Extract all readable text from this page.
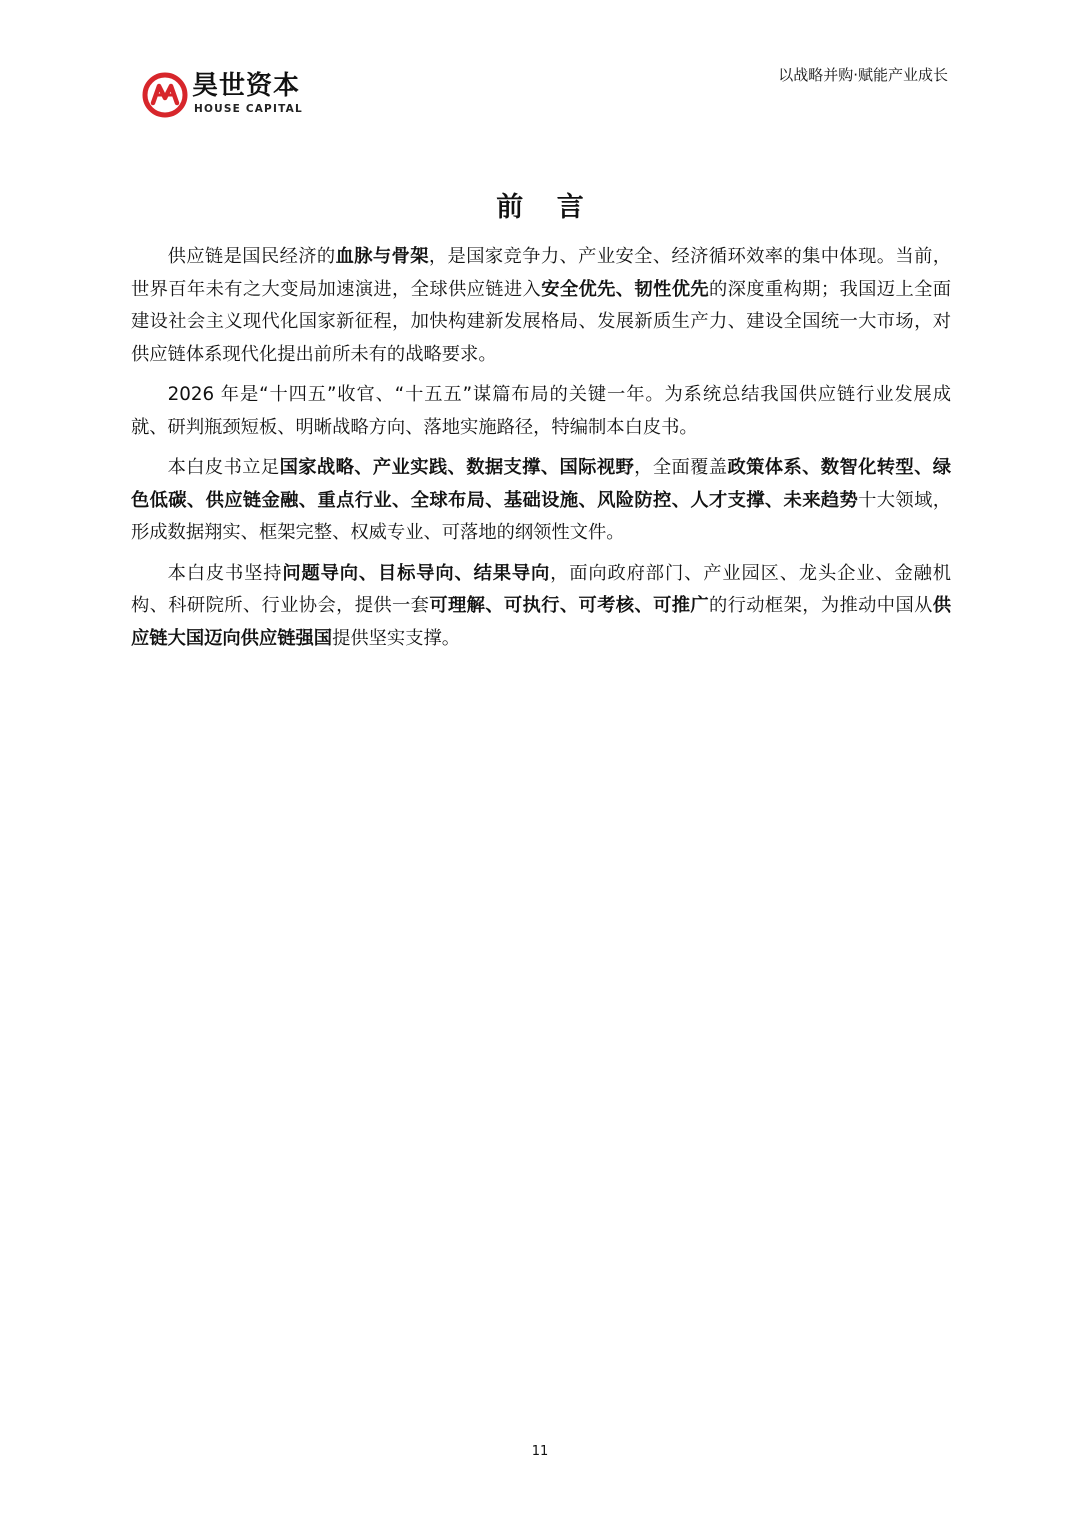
昊世资本
HOUSE CAPITAL
以战略并购·赋能产业成长
前 言

供应链是国民经济的血脉与骨架，是国家竞争力、产业安全、经济循环效率的集中体现。当前，世界百年未有之大变局加速演进，全球供应链进入安全优先、韧性优先的深度重构期；我国迈上全面建设社会主义现代化国家新征程，加快构建新发展格局、发展新质生产力、建设全国统一大市场，对供应链体系现代化提出前所未有的战略要求。

2026 年是“十四五”收官、“十五五”谋篇布局的关键一年。为系统总结我国供应链行业发展成就、研判瓶颈短板、明晰战略方向、落地实施路径，特编制本白皮书。

本白皮书立足国家战略、产业实践、数据支撑、国际视野，全面覆盖政策体系、数智化转型、绿色低碳、供应链金融、重点行业、全球布局、基础设施、风险防控、人才支撑、未来趋势十大领域，形成数据翔实、框架完整、权威专业、可落地的纲领性文件。

本白皮书坚持问题导向、目标导向、结果导向，面向政府部门、产业园区、龙头企业、金融机构、科研院所、行业协会，提供一套可理解、可执行、可考核、可推广的行动框架，为推动中国从供应链大国迈向供应链强国提供坚实支撑。

11
